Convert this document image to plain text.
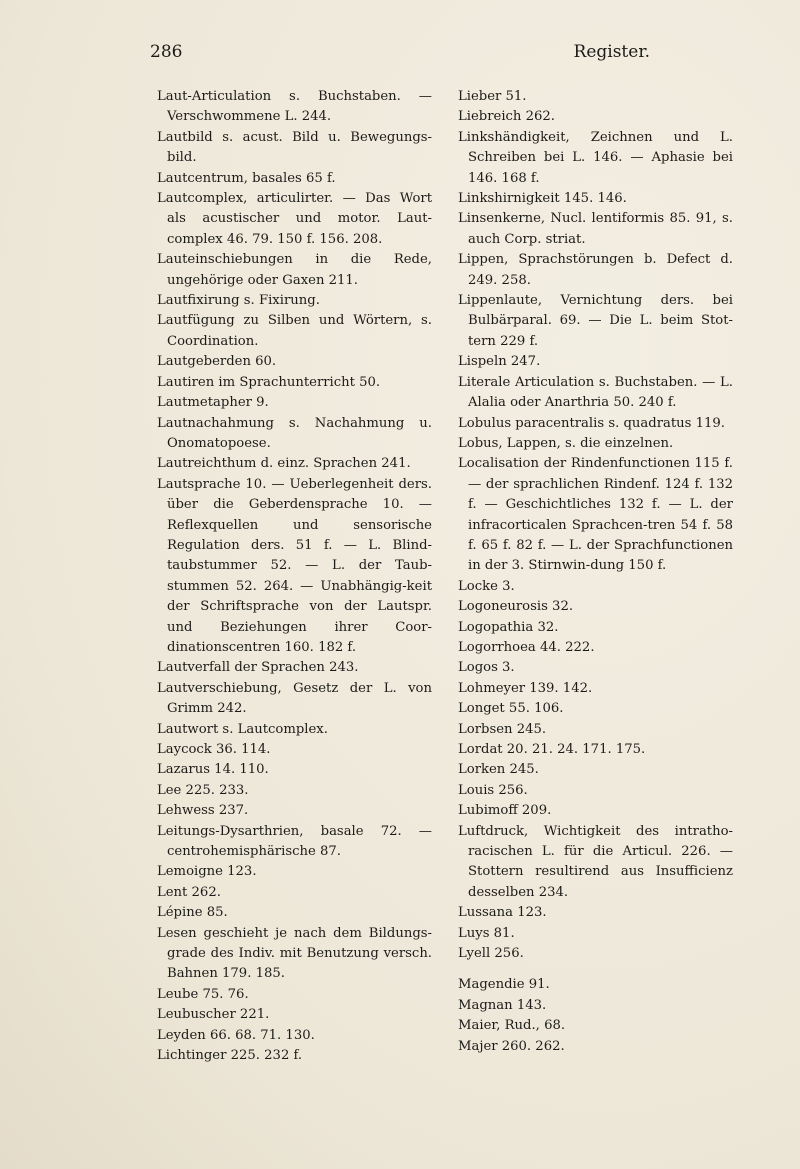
286	Register.
Laut-Articulation s. Buchstaben. — Verschwommene L. 244.
Lautbild s. acust. Bild u. Bewegungs-bild.
Lautcentrum, basales 65 f.
Lautcomplex, articulirter. — Das Wort als acustischer und motor. Laut-complex 46. 79. 150 f. 156. 208.
Lauteinschiebungen in die Rede, ungehörige oder Gaxen 211.
Lautfixirung s. Fixirung.
Lautfügung zu Silben und Wörtern, s. Coordination.
Lautgeberden 60.
Lautiren im Sprachunterricht 50.
Lautmetapher 9.
Lautnachahmung s. Nachahmung u. Onomatopoese.
Lautreichthum d. einz. Sprachen 241.
Lautsprache 10. — Ueberlegenheit ders. über die Geberdensprache 10. — Reflexquellen und sensorische Regulation ders. 51 f. — L. Blind-taubstummer 52. — L. der Taub-stummen 52. 264. — Unabhängig-keit der Schriftsprache von der Lautspr. und Beziehungen ihrer Coor-dinationscentren 160. 182 f.
Lautverfall der Sprachen 243.
Lautverschiebung, Gesetz der L. von Grimm 242.
Lautwort s. Lautcomplex.
Laycock 36. 114.
Lazarus 14. 110.
Lee 225. 233.
Lehwess 237.
Leitungs-Dysarthrien, basale 72. — centrohemisphärische 87.
Lemoigne 123.
Lent 262.
Lépine 85.
Lesen geschieht je nach dem Bildungs-grade des Indiv. mit Benutzung versch. Bahnen 179. 185.
Leube 75. 76.
Leubuscher 221.
Leyden 66. 68. 71. 130.
Lichtinger 225. 232 f.
Lieber 51.
Liebreich 262.
Linkshändigkeit, Zeichnen und L. Schreiben bei L. 146. — Aphasie bei 146. 168 f.
Linkshirnigkeit 145. 146.
Linsenkerne, Nucl. lentiformis 85. 91, s. auch Corp. striat.
Lippen, Sprachstörungen b. Defect d. 249. 258.
Lippenlaute, Vernichtung ders. bei Bulbärparal. 69. — Die L. beim Stot-tern 229 f.
Lispeln 247.
Literale Articulation s. Buchstaben. — L. Alalia oder Anarthria 50. 240 f.
Lobulus paracentralis s. quadratus 119.
Lobus, Lappen, s. die einzelnen.
Localisation der Rindenfunctionen 115 f. — der sprachlichen Rindenf. 124 f. 132 f. — Geschichtliches 132 f. — L. der infracorticalen Sprachcen-tren 54 f. 58 f. 65 f. 82 f. — L. der Sprachfunctionen in der 3. Stirnwin-dung 150 f.
Locke 3.
Logoneurosis 32.
Logopathia 32.
Logorrhoea 44. 222.
Logos 3.
Lohmeyer 139. 142.
Longet 55. 106.
Lorbsen 245.
Lordat 20. 21. 24. 171. 175.
Lorken 245.
Louis 256.
Lubimoff 209.
Luftdruck, Wichtigkeit des intratho-racischen L. für die Articul. 226. — Stottern resultirend aus Insufficienz desselben 234.
Lussana 123.
Luys 81.
Lyell 256.
Magendie 91.
Magnan 143.
Maier, Rud., 68.
Majer 260. 262.
